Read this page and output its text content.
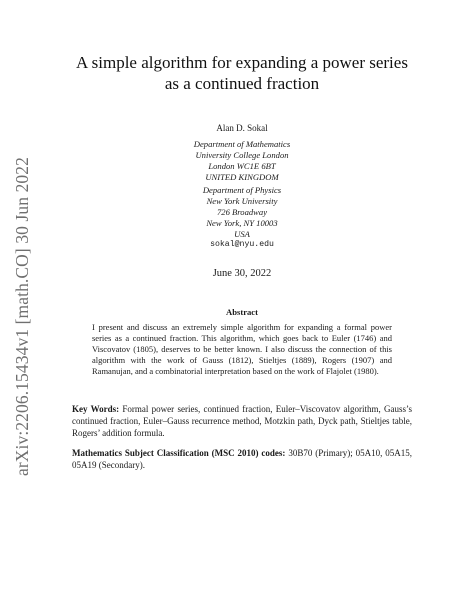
arXiv:2206.15434v1 [math.CO] 30 Jun 2022
A simple algorithm for expanding a power series
as a continued fraction
Alan D. Sokal
Department of Mathematics
University College London
London WC1E 6BT
UNITED KINGDOM
Department of Physics
New York University
726 Broadway
New York, NY 10003
USA
sokal@nyu.edu
June 30, 2022
Abstract
I present and discuss an extremely simple algorithm for expanding a formal power series as a continued fraction. This algorithm, which goes back to Euler (1746) and Viscovatov (1805), deserves to be better known. I also discuss the connection of this algorithm with the work of Gauss (1812), Stieltjes (1889), Rogers (1907) and Ramanujan, and a combinatorial interpretation based on the work of Flajolet (1980).
Key Words: Formal power series, continued fraction, Euler–Viscovatov algorithm, Gauss’s continued fraction, Euler–Gauss recurrence method, Motzkin path, Dyck path, Stieltjes table, Rogers’ addition formula.
Mathematics Subject Classification (MSC 2010) codes: 30B70 (Primary); 05A10, 05A15, 05A19 (Secondary).
